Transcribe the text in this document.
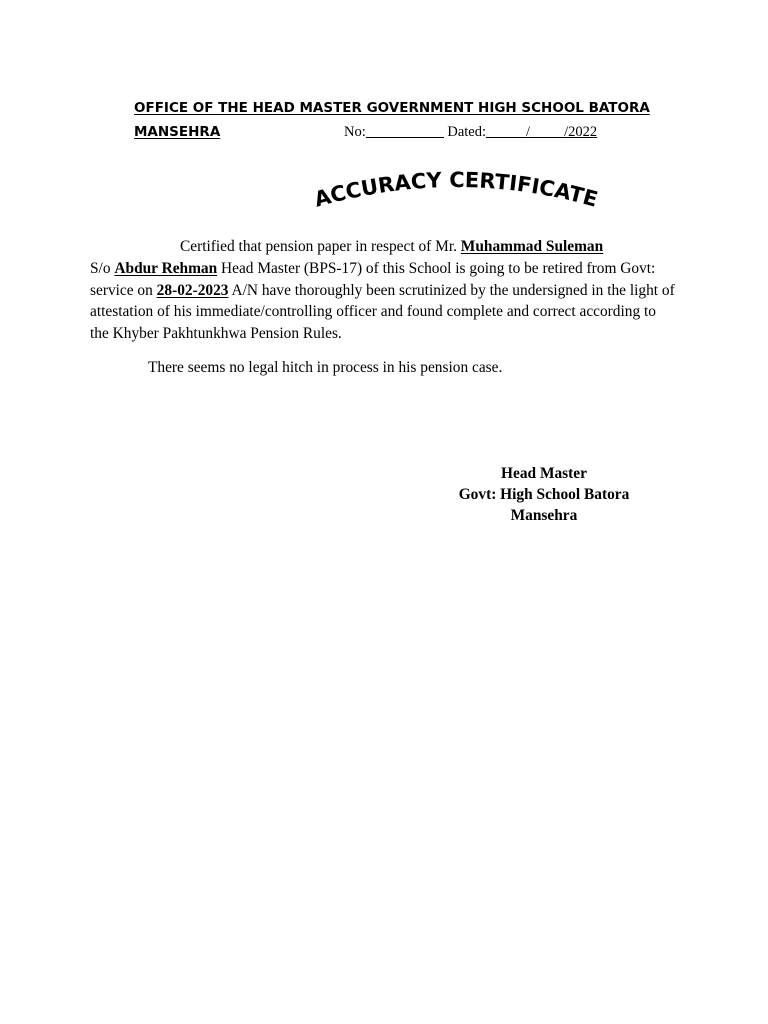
OFFICE OF THE HEAD MASTER GOVERNMENT HIGH SCHOOL BATORA
MANSEHRA	No:	Dated:	/ /2022
ACCURACY CERTIFICATE

Certified that pension paper in respect of Mr. Muhammad Suleman
S/o Abdur Rehman Head Master (BPS-17) of this School is going to be retired from Govt: service on 28-02-2023 A/N have thoroughly been scrutinized by the undersigned in the light of attestation of his immediate/controlling officer and found complete and correct according to the Khyber Pakhtunkhwa Pension Rules.

There seems no legal hitch in process in his pension case.

Head Master
Govt: High School Batora
Mansehra
